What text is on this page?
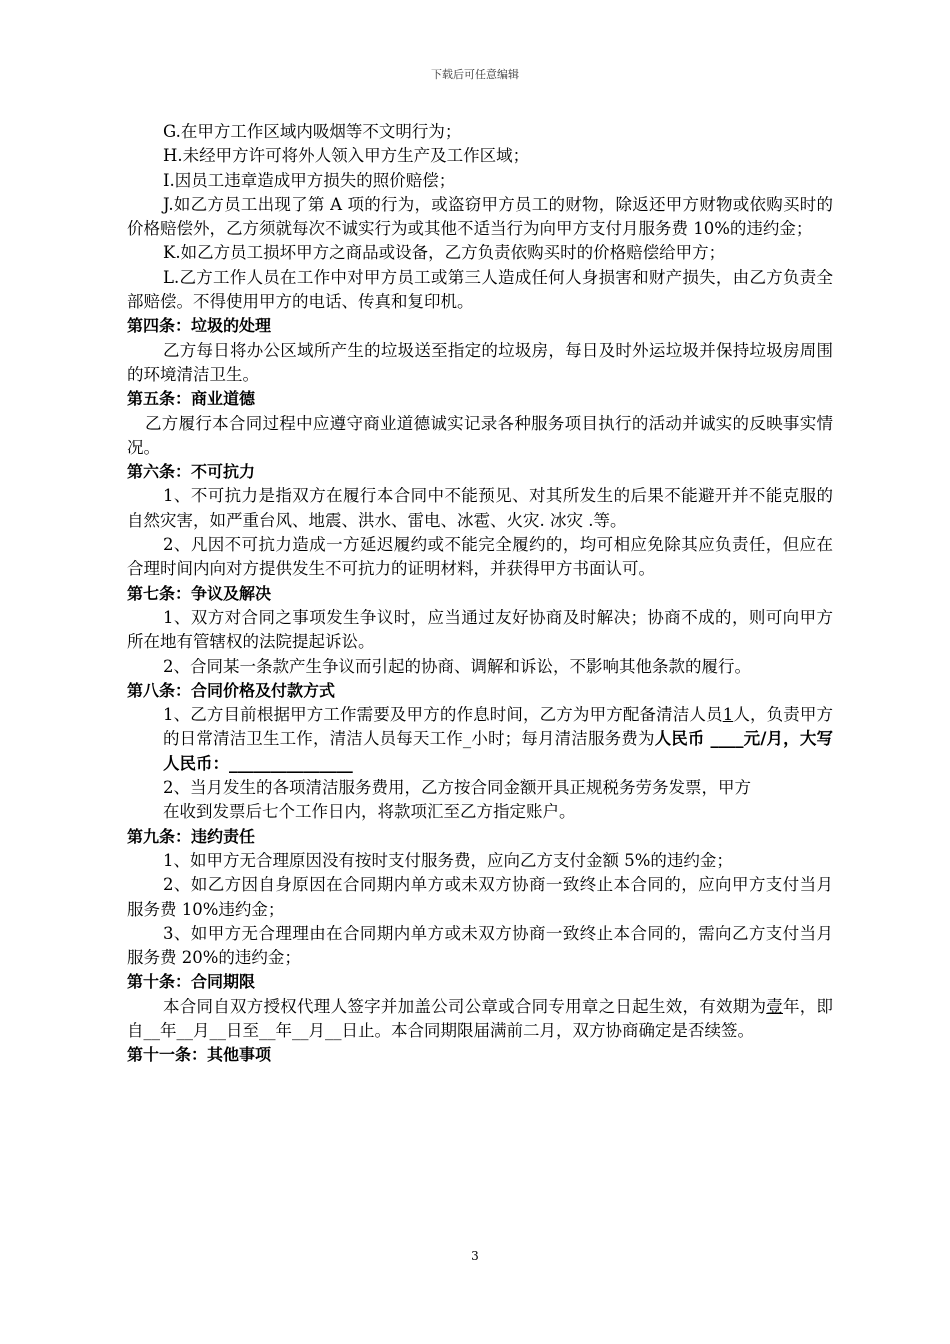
下载后可任意编辑

G.在甲方工作区域内吸烟等不文明行为；

H.未经甲方许可将外人领入甲方生产及工作区域；

I.因员工违章造成甲方损失的照价赔偿；

J.如乙方员工出现了第 A 项的行为，或盗窃甲方员工的财物，除返还甲方财物或依购买时的价格赔偿外，乙方须就每次不诚实行为或其他不适当行为向甲方支付月服务费 10%的违约金；

K.如乙方员工损坏甲方之商品或设备，乙方负责依购买时的价格赔偿给甲方；

L.乙方工作人员在工作中对甲方员工或第三人造成任何人身损害和财产损失，由乙方负责全部赔偿。不得使用甲方的电话、传真和复印机。

第四条：垃圾的处理

乙方每日将办公区域所产生的垃圾送至指定的垃圾房，每日及时外运垃圾并保持垃圾房周围的环境清洁卫生。

第五条：商业道德

乙方履行本合同过程中应遵守商业道德诚实记录各种服务项目执行的活动并诚实的反映事实情况。

第六条：不可抗力

1、不可抗力是指双方在履行本合同中不能预见、对其所发生的后果不能避开并不能克服的自然灾害，如严重台风、地震、洪水、雷电、冰雹、火灾. 冰灾 .等。

2、凡因不可抗力造成一方延迟履约或不能完全履约的，均可相应免除其应负责任，但应在合理时间内向对方提供发生不可抗力的证明材料，并获得甲方书面认可。

第七条：争议及解决

1、双方对合同之事项发生争议时，应当通过友好协商及时解决；协商不成的，则可向甲方所在地有管辖权的法院提起诉讼。

2、合同某一条款产生争议而引起的协商、调解和诉讼，不影响其他条款的履行。

第八条：合同价格及付款方式

1、乙方目前根据甲方工作需要及甲方的作息时间，乙方为甲方配备清洁人员1人，负责甲方的日常清洁卫生工作，清洁人员每天工作_小时；每月清洁服务费为人民币 ____元/月，大写人民币：_______________

2、当月发生的各项清洁服务费用，乙方按合同金额开具正规税务劳务发票，甲方

在收到发票后七个工作日内，将款项汇至乙方指定账户。

第九条：违约责任

1、如甲方无合理原因没有按时支付服务费，应向乙方支付金额 5%的违约金；

2、如乙方因自身原因在合同期内单方或未双方协商一致终止本合同的，应向甲方支付当月服务费 10%违约金；

3、如甲方无合理理由在合同期内单方或未双方协商一致终止本合同的，需向乙方支付当月服务费 20%的违约金；

第十条：合同期限

本合同自双方授权代理人签字并加盖公司公章或合同专用章之日起生效，有效期为壹年，即自__年__月__日至__年__月__日止。本合同期限届满前二月，双方协商确定是否续签。

第十一条：其他事项

3
